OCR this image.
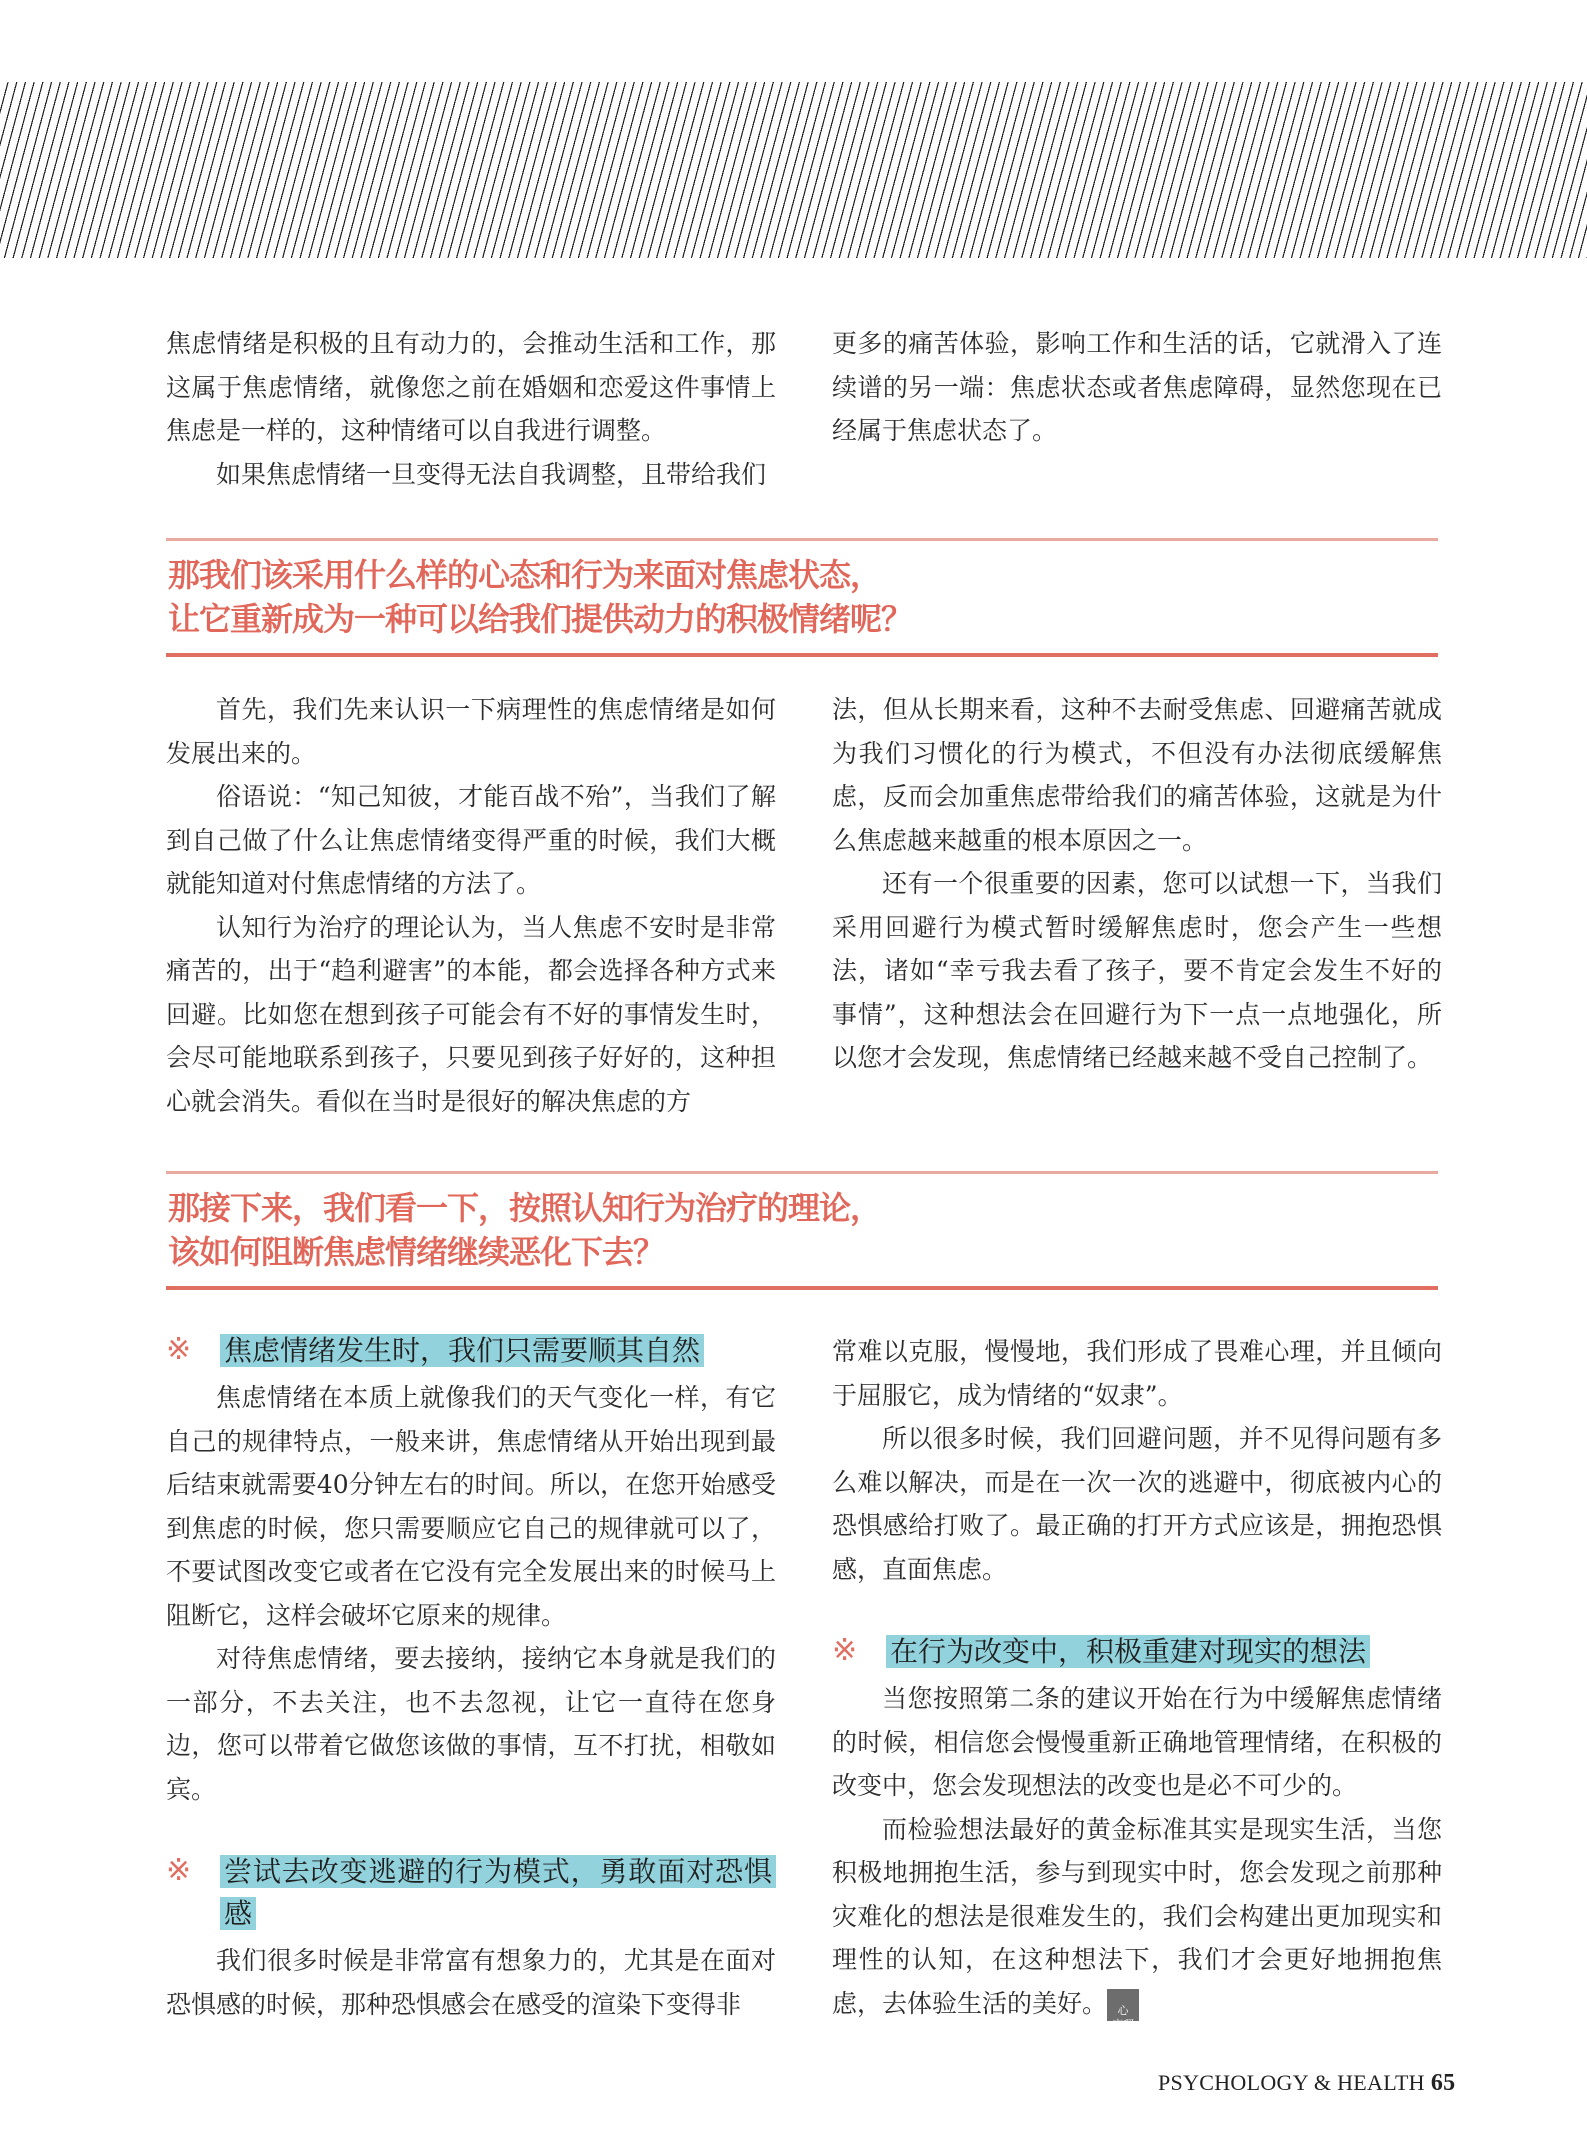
焦虑情绪是积极的且有动力的，会推动生活和工作，那这属于焦虑情绪，就像您之前在婚姻和恋爱这件事情上焦虑是一样的，这种情绪可以自我进行调整。

如果焦虑情绪一旦变得无法自我调整，且带给我们

更多的痛苦体验，影响工作和生活的话，它就滑入了连续谱的另一端：焦虑状态或者焦虑障碍，显然您现在已经属于焦虑状态了。

那我们该采用什么样的心态和行为来面对焦虑状态，
让它重新成为一种可以给我们提供动力的积极情绪呢？

首先，我们先来认识一下病理性的焦虑情绪是如何发展出来的。

俗语说：“知己知彼，才能百战不殆”，当我们了解到自己做了什么让焦虑情绪变得严重的时候，我们大概就能知道对付焦虑情绪的方法了。

认知行为治疗的理论认为，当人焦虑不安时是非常痛苦的，出于“趋利避害”的本能，都会选择各种方式来回避。比如您在想到孩子可能会有不好的事情发生时，会尽可能地联系到孩子，只要见到孩子好好的，这种担心就会消失。看似在当时是很好的解决焦虑的方

法，但从长期来看，这种不去耐受焦虑、回避痛苦就成为我们习惯化的行为模式，不但没有办法彻底缓解焦虑，反而会加重焦虑带给我们的痛苦体验，这就是为什么焦虑越来越重的根本原因之一。

还有一个很重要的因素，您可以试想一下，当我们采用回避行为模式暂时缓解焦虑时，您会产生一些想法，诸如“幸亏我去看了孩子，要不肯定会发生不好的事情”，这种想法会在回避行为下一点一点地强化，所以您才会发现，焦虑情绪已经越来越不受自己控制了。

那接下来，我们看一下，按照认知行为治疗的理论，
该如何阻断焦虑情绪继续恶化下去？
※	焦虑情绪发生时，我们只需要顺其自然

焦虑情绪在本质上就像我们的天气变化一样，有它自己的规律特点，一般来讲，焦虑情绪从开始出现到最后结束就需要40分钟左右的时间。所以，在您开始感受到焦虑的时候，您只需要顺应它自己的规律就可以了，不要试图改变它或者在它没有完全发展出来的时候马上阻断它，这样会破坏它原来的规律。

对待焦虑情绪，要去接纳，接纳它本身就是我们的一部分，不去关注，也不去忽视，让它一直待在您身边，您可以带着它做您该做的事情，互不打扰，相敬如宾。

※	尝试去改变逃避的行为模式，勇敢面对恐惧感

我们很多时候是非常富有想象力的，尤其是在面对恐惧感的时候，那种恐惧感会在感受的渲染下变得非

常难以克服，慢慢地，我们形成了畏难心理，并且倾向于屈服它，成为情绪的“奴隶”。

所以很多时候，我们回避问题，并不见得问题有多么难以解决，而是在一次一次的逃避中，彻底被内心的恐惧感给打败了。最正确的打开方式应该是，拥抱恐惧感，直面焦虑。

※	在行为改变中，积极重建对现实的想法

当您按照第二条的建议开始在行为中缓解焦虑情绪的时候，相信您会慢慢重新正确地管理情绪，在积极的改变中，您会发现想法的改变也是必不可少的。

而检验想法最好的黄金标准其实是现实生活，当您积极地拥抱生活，参与到现实中时，您会发现之前那种灾难化的想法是很难发生的，我们会构建出更加现实和理性的认知，在这种想法下，我们才会更好地拥抱焦虑，去体验生活的美好。	健心
康理

PSYCHOLOGY & HEALTH 65
